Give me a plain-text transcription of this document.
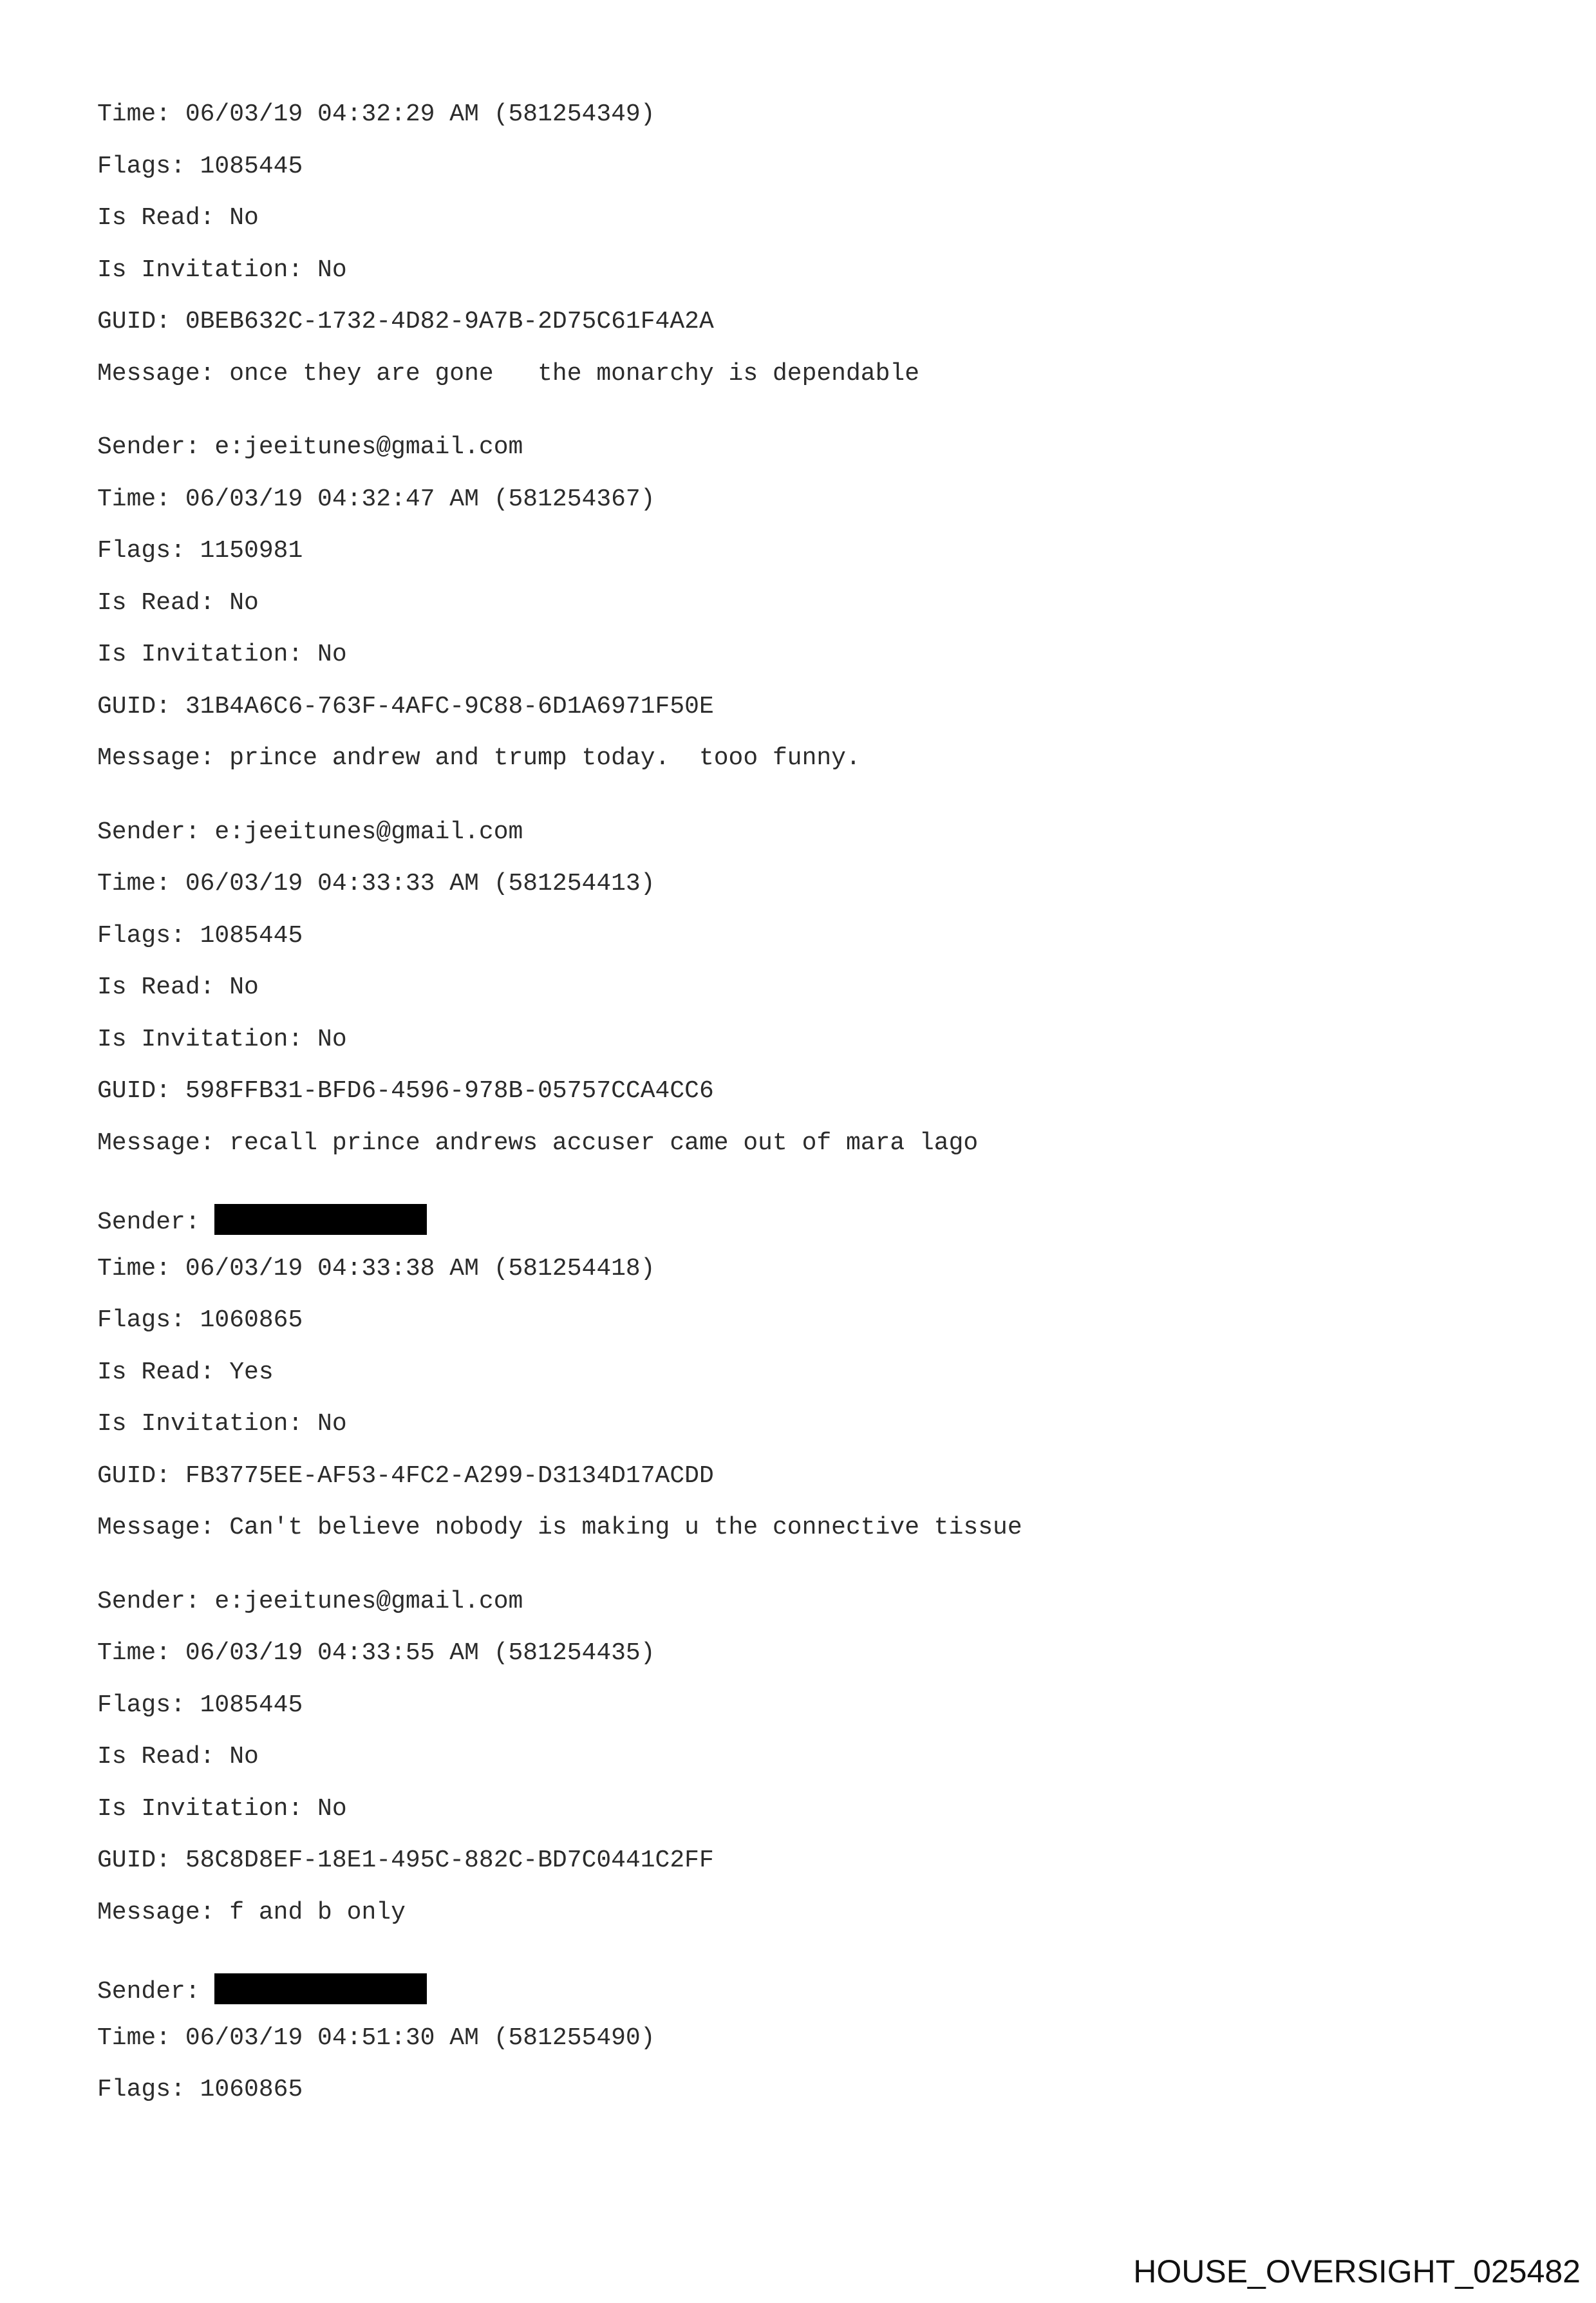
Time: 06/03/19 04:32:29 AM (581254349)
Flags: 1085445
Is Read: No
Is Invitation: No
GUID: 0BEB632C-1732-4D82-9A7B-2D75C61F4A2A
Message: once they are gone   the monarchy is dependable
Sender: e:jeeitunes@gmail.com
Time: 06/03/19 04:32:47 AM (581254367)
Flags: 1150981
Is Read: No
Is Invitation: No
GUID: 31B4A6C6-763F-4AFC-9C88-6D1A6971F50E
Message: prince andrew and trump today.  tooo funny.
Sender: e:jeeitunes@gmail.com
Time: 06/03/19 04:33:33 AM (581254413)
Flags: 1085445
Is Read: No
Is Invitation: No
GUID: 598FFB31-BFD6-4596-978B-05757CCA4CC6
Message: recall prince andrews accuser came out of mara lago
Sender:
Time: 06/03/19 04:33:38 AM (581254418)
Flags: 1060865
Is Read: Yes
Is Invitation: No
GUID: FB3775EE-AF53-4FC2-A299-D3134D17ACDD
Message: Can't believe nobody is making u the connective tissue
Sender: e:jeeitunes@gmail.com
Time: 06/03/19 04:33:55 AM (581254435)
Flags: 1085445
Is Read: No
Is Invitation: No
GUID: 58C8D8EF-18E1-495C-882C-BD7C0441C2FF
Message: f and b only
Sender:
Time: 06/03/19 04:51:30 AM (581255490)
Flags: 1060865
HOUSE_OVERSIGHT_025482
